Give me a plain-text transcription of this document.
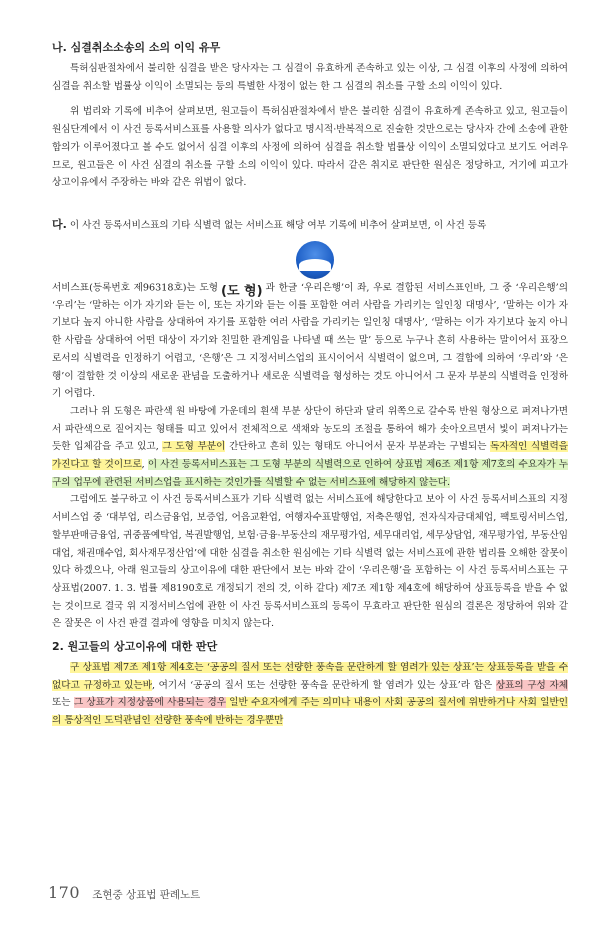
나. 심결취소소송의 소의 이익 유무

특허심판절차에서 불리한 심결을 받은 당사자는 그 심결이 유효하게 존속하고 있는 이상, 그 심결 이후의 사정에 의하여 심결을 취소할 법률상 이익이 소멸되는 등의 특별한 사정이 없는 한 그 심결의 취소를 구할 소의 이익이 있다.

위 법리와 기록에 비추어 살펴보면, 원고들이 특허심판절차에서 받은 불리한 심결이 유효하게 존속하고 있고, 원고들이 원심단계에서 이 사건 등록서비스표를 사용할 의사가 없다고 명시적·반복적으로 진술한 것만으로는 당사자 간에 소송에 관한 합의가 이루어졌다고 볼 수도 없어서 심결 이후의 사정에 의하여 심결을 취소할 법률상 이익이 소멸되었다고 보기도 어려우므로, 원고들은 이 사건 심결의 취소를 구할 소의 이익이 있다. 따라서 같은 취지로 판단한 원심은 정당하고, 거기에 피고가 상고이유에서 주장하는 바와 같은 위법이 없다.

다. 이 사건 등록서비스표의 기타 식별력 없는 서비스표 해당 여부 기록에 비추어 살펴보면, 이 사건 등록

서비스표(등록번호 제96318호)는 도형 (도 형) 과 한글 ‘우리은행’이 좌, 우로 결합된 서비스표인바, 그 중 ‘우리은행’의 ‘우리’는 ‘말하는 이가 자기와 듣는 이, 또는 자기와 듣는 이를 포함한 여러 사람을 가리키는 일인칭 대명사’, ‘말하는 이가 자기보다 높지 아니한 사람을 상대하여 자기를 포함한 여러 사람을 가리키는 일인칭 대명사’, ‘말하는 이가 자기보다 높지 아니한 사람을 상대하여 어떤 대상이 자기와 친밀한 관계임을 나타낼 때 쓰는 말’ 등으로 누구나 흔히 사용하는 말이어서 표장으로서의 식별력을 인정하기 어렵고, ‘은행’은 그 지정서비스업의 표시이어서 식별력이 없으며, 그 결합에 의하여 ‘우리’와 ‘은행’이 결합한 것 이상의 새로운 관념을 도출하거나 새로운 식별력을 형성하는 것도 아니어서 그 문자 부분의 식별력을 인정하기 어렵다.

그러나 위 도형은 파란색 원 바탕에 가운데의 흰색 부분 상단이 하단과 달리 위쪽으로 갈수록 반원 형상으로 퍼져나가면서 파란색으로 짙어지는 형태를 띠고 있어서 전체적으로 색채와 농도의 조절을 통하여 해가 솟아오르면서 빛이 퍼져나가는 듯한 입체감을 주고 있고, 그 도형 부분이 간단하고 흔히 있는 형태도 아니어서 문자 부분과는 구별되는 독자적인 식별력을 가진다고 할 것이므로, 이 사건 등록서비스표는 그 도형 부분의 식별력으로 인하여 상표법 제6조 제1항 제7호의 수요자가 누구의 업무에 관련된 서비스업을 표시하는 것인가를 식별할 수 없는 서비스표에 해당하지 않는다.

그럼에도 불구하고 이 사건 등록서비스표가 기타 식별력 없는 서비스표에 해당한다고 보아 이 사건 등록서비스표의 지정서비스업 중 ‘대부업, 리스금융업, 보증업, 어음교환업, 여행자수표발행업, 저축은행업, 전자식자금대체업, 팩토링서비스업, 할부판매금융업, 귀중품예탁업, 복권발행업, 보험·금융·부동산의 재무평가업, 세무대리업, 세무상담업, 재무평가업, 부동산임대업, 채권매수업, 회사재무정산업’에 대한 심결을 취소한 원심에는 기타 식별력 없는 서비스표에 관한 법리를 오해한 잘못이 있다 하겠으나, 아래 원고들의 상고이유에 대한 판단에서 보는 바와 같이 ‘우리은행’을 포함하는 이 사건 등록서비스표는 구 상표법(2007. 1. 3. 법률 제8190호로 개정되기 전의 것, 이하 같다) 제7조 제1항 제4호에 해당하여 상표등록을 받을 수 없는 것이므로 결국 위 지정서비스업에 관한 이 사건 등록서비스표의 등록이 무효라고 판단한 원심의 결론은 정당하여 위와 같은 잘못은 이 사건 판결 결과에 영향을 미치지 않는다.

2. 원고들의 상고이유에 대한 판단

구 상표법 제7조 제1항 제4호는 ‘공공의 질서 또는 선량한 풍속을 문란하게 할 염려가 있는 상표’는 상표등록을 받을 수 없다고 규정하고 있는바, 여기서 ‘공공의 질서 또는 선량한 풍속을 문란하게 할 염려가 있는 상표’라 함은 상표의 구성 자체 또는 그 상표가 지정상품에 사용되는 경우 일반 수요자에게 주는 의미나 내용이 사회 공공의 질서에 위반하거나 사회 일반인의 통상적인 도덕관념인 선량한 풍속에 반하는 경우뿐만

170 조현중 상표법 판례노트
